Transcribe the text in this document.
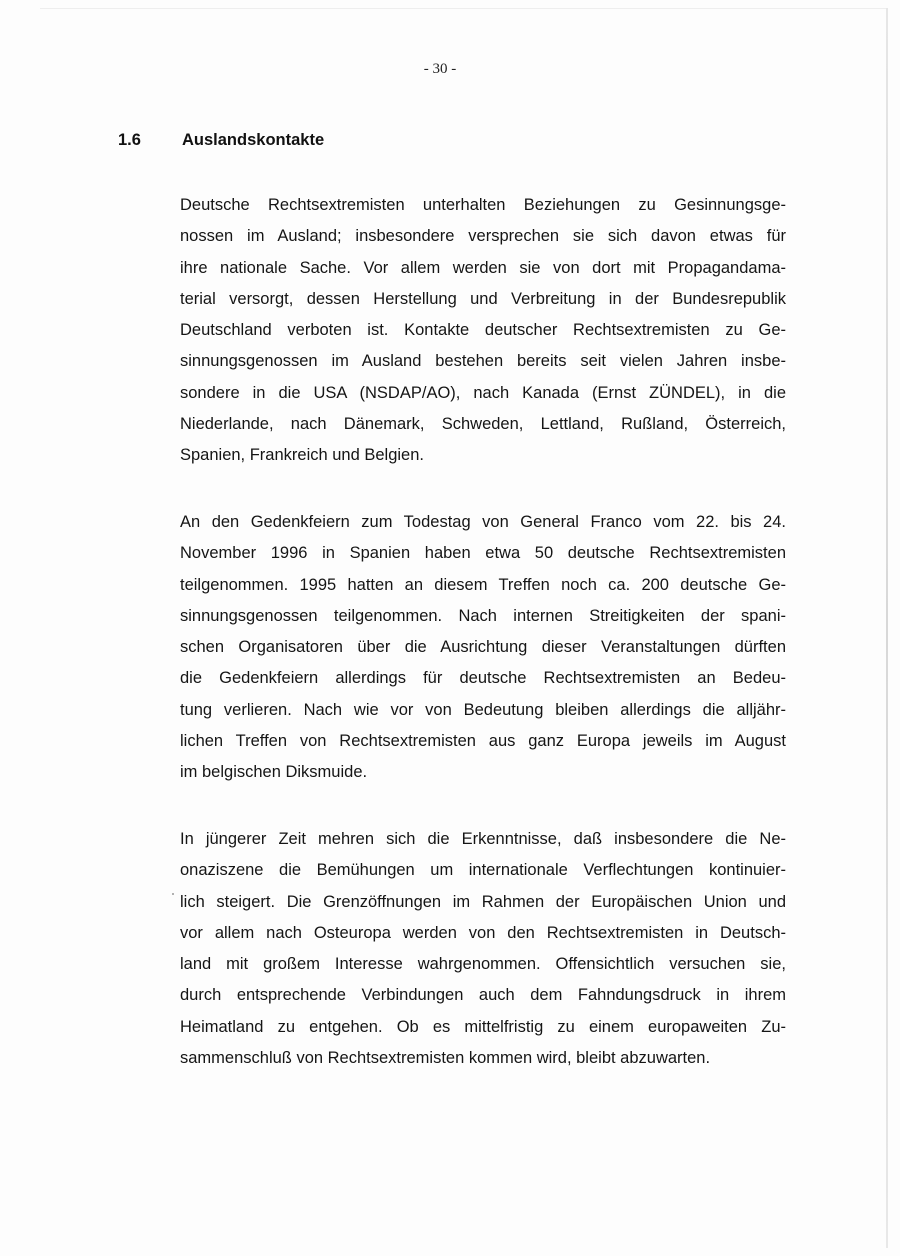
- 30 -
1.6 Auslandskontakte
Deutsche Rechtsextremisten unterhalten Beziehungen zu Gesinnungsge-
nossen im Ausland; insbesondere versprechen sie sich davon etwas für
ihre nationale Sache. Vor allem werden sie von dort mit Propagandama-
terial versorgt, dessen Herstellung und Verbreitung in der Bundesrepublik
Deutschland verboten ist. Kontakte deutscher Rechtsextremisten zu Ge-
sinnungsgenossen im Ausland bestehen bereits seit vielen Jahren insbe-
sondere in die USA (NSDAP/AO), nach Kanada (Ernst ZÜNDEL), in die
Niederlande, nach Dänemark, Schweden, Lettland, Rußland, Österreich,
Spanien, Frankreich und Belgien.
An den Gedenkfeiern zum Todestag von General Franco vom 22. bis 24.
November 1996 in Spanien haben etwa 50 deutsche Rechtsextremisten
teilgenommen. 1995 hatten an diesem Treffen noch ca. 200 deutsche Ge-
sinnungsgenossen teilgenommen. Nach internen Streitigkeiten der spani-
schen Organisatoren über die Ausrichtung dieser Veranstaltungen dürften
die Gedenkfeiern allerdings für deutsche Rechtsextremisten an Bedeu-
tung verlieren. Nach wie vor von Bedeutung bleiben allerdings die alljähr-
lichen Treffen von Rechtsextremisten aus ganz Europa jeweils im August
im belgischen Diksmuide.
In jüngerer Zeit mehren sich die Erkenntnisse, daß insbesondere die Ne-
onaziszene die Bemühungen um internationale Verflechtungen kontinuier-
lich steigert. Die Grenzöffnungen im Rahmen der Europäischen Union und
vor allem nach Osteuropa werden von den Rechtsextremisten in Deutsch-
land mit großem Interesse wahrgenommen. Offensichtlich versuchen sie,
durch entsprechende Verbindungen auch dem Fahndungsdruck in ihrem
Heimatland zu entgehen. Ob es mittelfristig zu einem europaweiten Zu-
sammenschluß von Rechtsextremisten kommen wird, bleibt abzuwarten.
